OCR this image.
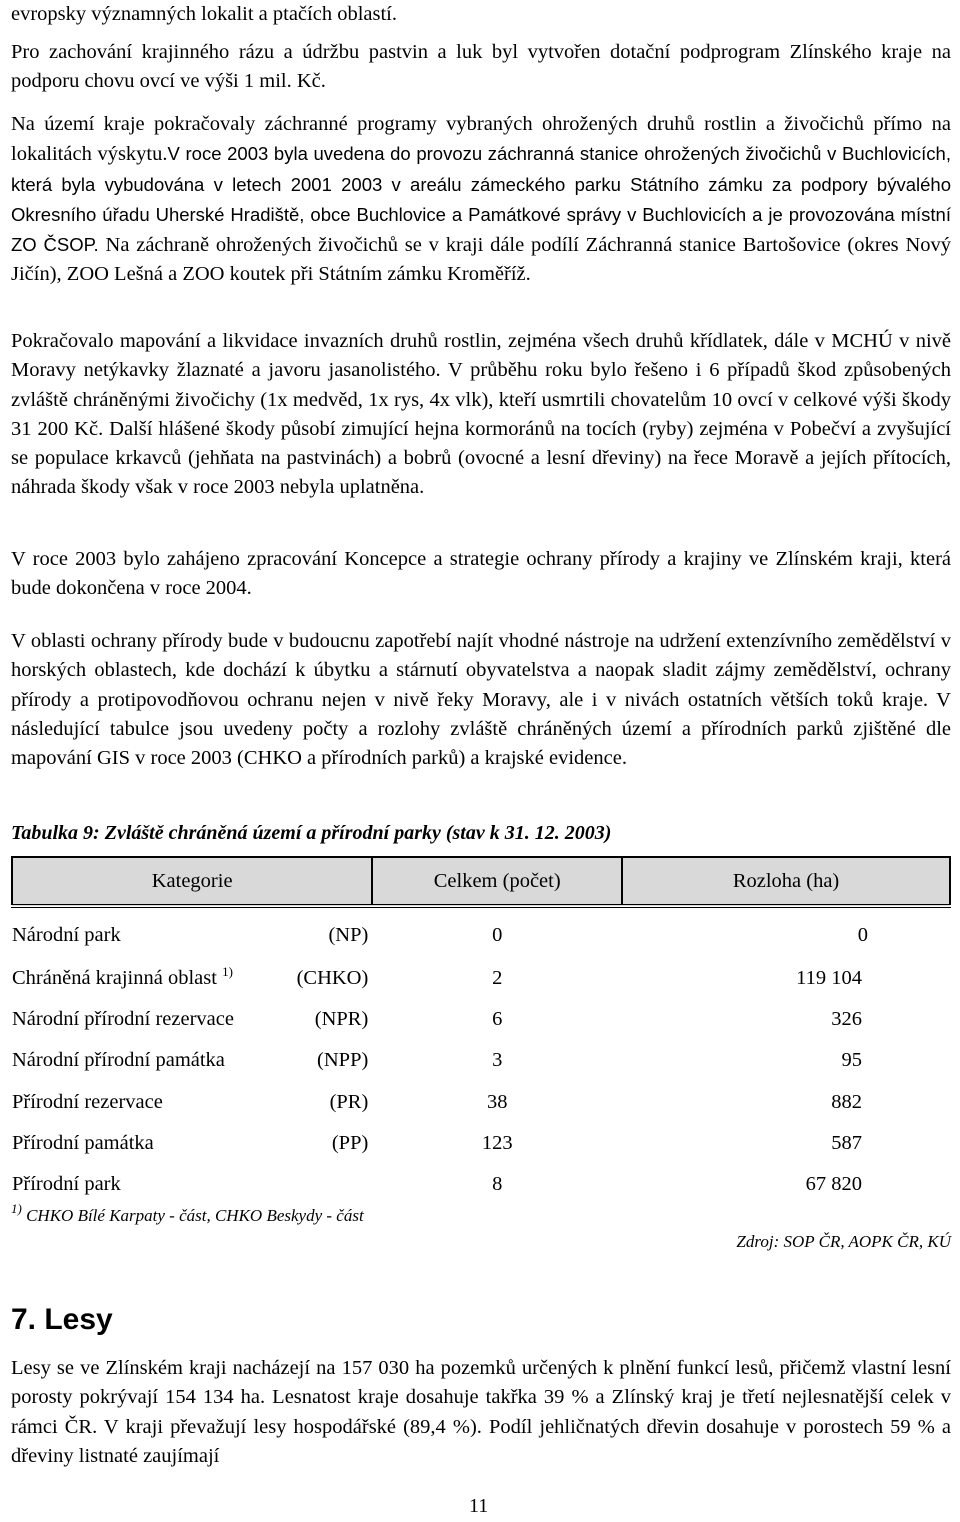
evropsky významných lokalit a ptačích oblastí.

Pro zachování krajinného rázu a údržbu pastvin a luk byl vytvořen dotační podprogram Zlínského kraje na podporu chovu ovcí ve výši 1 mil. Kč.

Na území kraje pokračovaly záchranné programy vybraných ohrožených druhů rostlin a živočichů přímo na lokalitách výskytu.V roce 2003 byla uvedena do provozu záchranná stanice ohrožených živočichů v Buchlovicích, která byla vybudována v letech 2001 2003 v areálu zámeckého parku Státního zámku za podpory bývalého Okresního úřadu Uherské Hradiště, obce Buchlovice a Památkové správy v Buchlovicích a je provozována místní ZO ČSOP. Na záchraně ohrožených živočichů se v kraji dále podílí Záchranná stanice Bartošovice (okres Nový Jičín), ZOO Lešná a ZOO koutek při Státním zámku Kroměříž.

Pokračovalo mapování a likvidace invazních druhů rostlin, zejména všech druhů křídlatek, dále v MCHÚ v nivě Moravy netýkavky žlaznaté a javoru jasanolistého. V průběhu roku bylo řešeno i 6 případů škod způsobených zvláště chráněnými živočichy (1x medvěd, 1x rys, 4x vlk), kteří usmrtili chovatelům 10 ovcí v celkové výši škody 31 200 Kč. Další hlášené škody působí zimující hejna kormoránů na tocích (ryby) zejména v Pobečví a zvyšující se populace krkavců (jehňata na pastvinách) a bobrů (ovocné a lesní dřeviny) na řece Moravě a jejích přítocích, náhrada škody však v roce 2003 nebyla uplatněna.

V roce 2003 bylo zahájeno zpracování Koncepce a strategie ochrany přírody a krajiny ve Zlínském kraji, která bude dokončena v roce 2004.

V oblasti ochrany přírody bude v budoucnu zapotřebí najít vhodné nástroje na udržení extenzívního zemědělství v horských oblastech, kde dochází k úbytku a stárnutí obyvatelstva a naopak sladit zájmy zemědělství, ochrany přírody a protipovodňovou ochranu nejen v nivě řeky Moravy, ale i v nivách ostatních větších toků kraje. V následující tabulce jsou uvedeny počty a rozlohy zvláště chráněných území a přírodních parků zjištěné dle mapování GIS v roce 2003 (CHKO a přírodních parků) a krajské evidence.

Tabulka 9: Zvláště chráněná území a přírodní parky (stav k 31. 12. 2003)

Kategorie		Celkem (počet)	Rozloha (ha)
Národní park	(NP)	0	0
Chráněná krajinná oblast $^{1)}$	(CHKO)	2	119 104
Národní přírodní rezervace	(NPR)	6	326
Národní přírodní památka	(NPP)	3	95
Přírodní rezervace	(PR)	38	882
Přírodní památka	(PP)	123	587
Přírodní park		8	67 820
$^{1)}$ CHKO Bílé Karpaty - část, CHKO Beskydy - část
Zdroj: SOP ČR, AOPK ČR, KÚ
7. Lesy

Lesy se ve Zlínském kraji nacházejí na 157 030 ha pozemků určených k plnění funkcí lesů, přičemž vlastní lesní porosty pokrývají 154 134 ha. Lesnatost kraje dosahuje takřka 39 % a Zlínský kraj je třetí nejlesnatější celek v rámci ČR. V kraji převažují lesy hospodářské (89,4 %). Podíl jehličnatých dřevin dosahuje v porostech 59 % a dřeviny listnaté zaujímají

11
